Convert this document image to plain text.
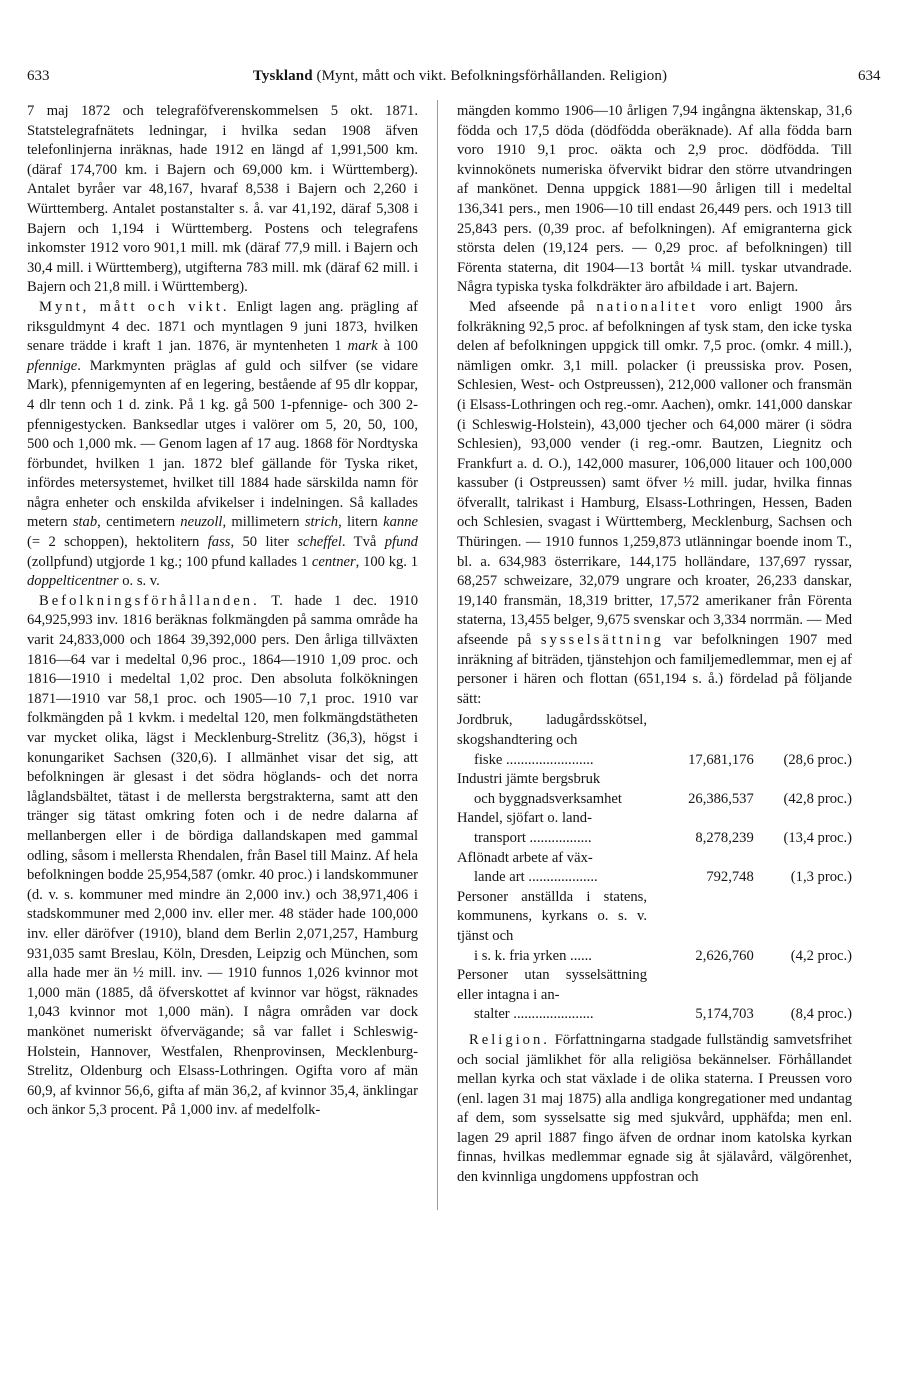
633	Tyskland (Mynt, mått och vikt. Befolkningsförhållanden. Religion)	634

7 maj 1872 och telegraföfverenskommelsen 5 okt. 1871. Statstelegrafnätets ledningar, i hvilka sedan 1908 äfven telefonlinjerna inräknas, hade 1912 en längd af 1,991,500 km. (däraf 174,700 km. i Bajern och 69,000 km. i Württemberg). Antalet byråer var 48,167, hvaraf 8,538 i Bajern och 2,260 i Württemberg. Antalet postanstalter s. å. var 41,192, däraf 5,308 i Bajern och 1,194 i Württemberg. Postens och telegrafens inkomster 1912 voro 901,1 mill. mk (däraf 77,9 mill. i Bajern och 30,4 mill. i Württemberg), utgifterna 783 mill. mk (däraf 62 mill. i Bajern och 21,8 mill. i Württemberg).

Mynt, mått och vikt. Enligt lagen ang. prägling af riksguldmynt 4 dec. 1871 och myntlagen 9 juni 1873, hvilken senare trädde i kraft 1 jan. 1876, är myntenheten 1 mark à 100 pfennige. Markmynten präglas af guld och silfver (se vidare Mark), pfennigemynten af en legering, bestående af 95 dlr koppar, 4 dlr tenn och 1 d. zink. På 1 kg. gå 500 1-pfennige- och 300 2-pfennigestycken. Banksedlar utges i valörer om 5, 20, 50, 100, 500 och 1,000 mk. — Genom lagen af 17 aug. 1868 för Nordtyska förbundet, hvilken 1 jan. 1872 blef gällande för Tyska riket, infördes metersystemet, hvilket till 1884 hade särskilda namn för några enheter och enskilda afvikelser i indelningen. Så kallades metern stab, centimetern neuzoll, millimetern strich, litern kanne (= 2 schoppen), hektolitern fass, 50 liter scheffel. Två pfund (zollpfund) utgjorde 1 kg.; 100 pfund kallades 1 centner, 100 kg. 1 doppelticentner o. s. v.

Befolkningsförhållanden. T. hade 1 dec. 1910 64,925,993 inv. 1816 beräknas folkmängden på samma område ha varit 24,833,000 och 1864 39,392,000 pers. Den årliga tillväxten 1816—64 var i medeltal 0,96 proc., 1864—1910 1,09 proc. och 1816—1910 i medeltal 1,02 proc. Den absoluta folkökningen 1871—1910 var 58,1 proc. och 1905—10 7,1 proc. 1910 var folkmängden på 1 kvkm. i medeltal 120, men folkmängdstätheten var mycket olika, lägst i Mecklenburg-Strelitz (36,3), högst i konungariket Sachsen (320,6). I allmänhet visar det sig, att befolkningen är glesast i det södra höglands- och det norra låglandsbältet, tätast i de mellersta bergstrakterna, samt att den tränger sig tätast omkring foten och i de nedre dalarna af mellanbergen eller i de bördiga dallandskapen med gammal odling, såsom i mellersta Rhendalen, från Basel till Mainz. Af hela befolkningen bodde 25,954,587 (omkr. 40 proc.) i landskommuner (d. v. s. kommuner med mindre än 2,000 inv.) och 38,971,406 i stadskommuner med 2,000 inv. eller mer. 48 städer hade 100,000 inv. eller däröfver (1910), bland dem Berlin 2,071,257, Hamburg 931,035 samt Breslau, Köln, Dresden, Leipzig och München, som alla hade mer än ½ mill. inv. — 1910 funnos 1,026 kvinnor mot 1,000 män (1885, då öfverskottet af kvinnor var högst, räknades 1,043 kvinnor mot 1,000 män). I några områden var dock mankönet numeriskt öfvervägande; så var fallet i Schleswig-Holstein, Hannover, Westfalen, Rhenprovinsen, Mecklenburg-Strelitz, Oldenburg och Elsass-Lothringen. Ogifta voro af män 60,9, af kvinnor 56,6, gifta af män 36,2, af kvinnor 35,4, änklingar och änkor 5,3 procent. På 1,000 inv. af medelfolk-

mängden kommo 1906—10 årligen 7,94 ingångna äktenskap, 31,6 födda och 17,5 döda (dödfödda oberäknade). Af alla födda barn voro 1910 9,1 proc. oäkta och 2,9 proc. dödfödda. Till kvinnokönets numeriska öfvervikt bidrar den större utvandringen af mankönet. Denna uppgick 1881—90 årligen till i medeltal 136,341 pers., men 1906—10 till endast 26,449 pers. och 1913 till 25,843 pers. (0,39 proc. af befolkningen). Af emigranterna gick största delen (19,124 pers. — 0,29 proc. af befolkningen) till Förenta staterna, dit 1904—13 bortåt ¼ mill. tyskar utvandrade. Några typiska tyska folkdräkter äro afbildade i art. Bajern.

Med afseende på nationalitet voro enligt 1900 års folkräkning 92,5 proc. af befolkningen af tysk stam, den icke tyska delen af befolkningen uppgick till omkr. 7,5 proc. (omkr. 4 mill.), nämligen omkr. 3,1 mill. polacker (i preussiska prov. Posen, Schlesien, West- och Ostpreussen), 212,000 valloner och fransmän (i Elsass-Lothringen och reg.-omr. Aachen), omkr. 141,000 danskar (i Schleswig-Holstein), 43,000 tjecher och 64,000 märer (i södra Schlesien), 93,000 vender (i reg.-omr. Bautzen, Liegnitz och Frankfurt a. d. O.), 142,000 masurer, 106,000 litauer och 100,000 kassuber (i Ostpreussen) samt öfver ½ mill. judar, hvilka finnas öfverallt, talrikast i Hamburg, Elsass-Lothringen, Hessen, Baden och Schlesien, svagast i Württemberg, Mecklenburg, Sachsen och Thüringen. — 1910 funnos 1,259,873 utlänningar boende inom T., bl. a. 634,983 österrikare, 144,175 holländare, 137,697 ryssar, 68,257 schweizare, 32,079 ungrare och kroater, 26,233 danskar, 19,140 fransmän, 18,319 britter, 17,572 amerikaner från Förenta staterna, 13,455 belger, 9,675 svenskar och 3,334 norrmän. — Med afseende på sysselsättning var befolkningen 1907 med inräkning af biträden, tjänstehjon och familjemedlemmar, men ej af personer i hären och flottan (651,194 s. å.) fördelad på följande sätt:

Jordbruk, ladugårdsskötsel, skogshandtering och
fiske ........................	17,681,176	(28,6 proc.)

Industri jämte bergsbruk
och byggnadsverksamhet	26,386,537	(42,8 proc.)

Handel, sjöfart o. land-
transport .................	8,278,239	(13,4 proc.)

Aflönadt arbete af väx-
lande art ...................	792,748	(1,3 proc.)

Personer anställda i statens, kommunens, kyrkans o. s. v. tjänst och
i s. k. fria yrken ......	2,626,760	(4,2 proc.)

Personer utan sysselsättning eller intagna i an-
stalter ......................	5,174,703	(8,4 proc.)

Religion. Författningarna stadgade fullständig samvetsfrihet och social jämlikhet för alla religiösa bekännelser. Förhållandet mellan kyrka och stat växlade i de olika staterna. I Preussen voro (enl. lagen 31 maj 1875) alla andliga kongregationer med undantag af dem, som sysselsatte sig med sjukvård, upphäfda; men enl. lagen 29 april 1887 fingo äfven de ordnar inom katolska kyrkan finnas, hvilkas medlemmar egnade sig åt själavård, välgörenhet, den kvinnliga ungdomens uppfostran och
